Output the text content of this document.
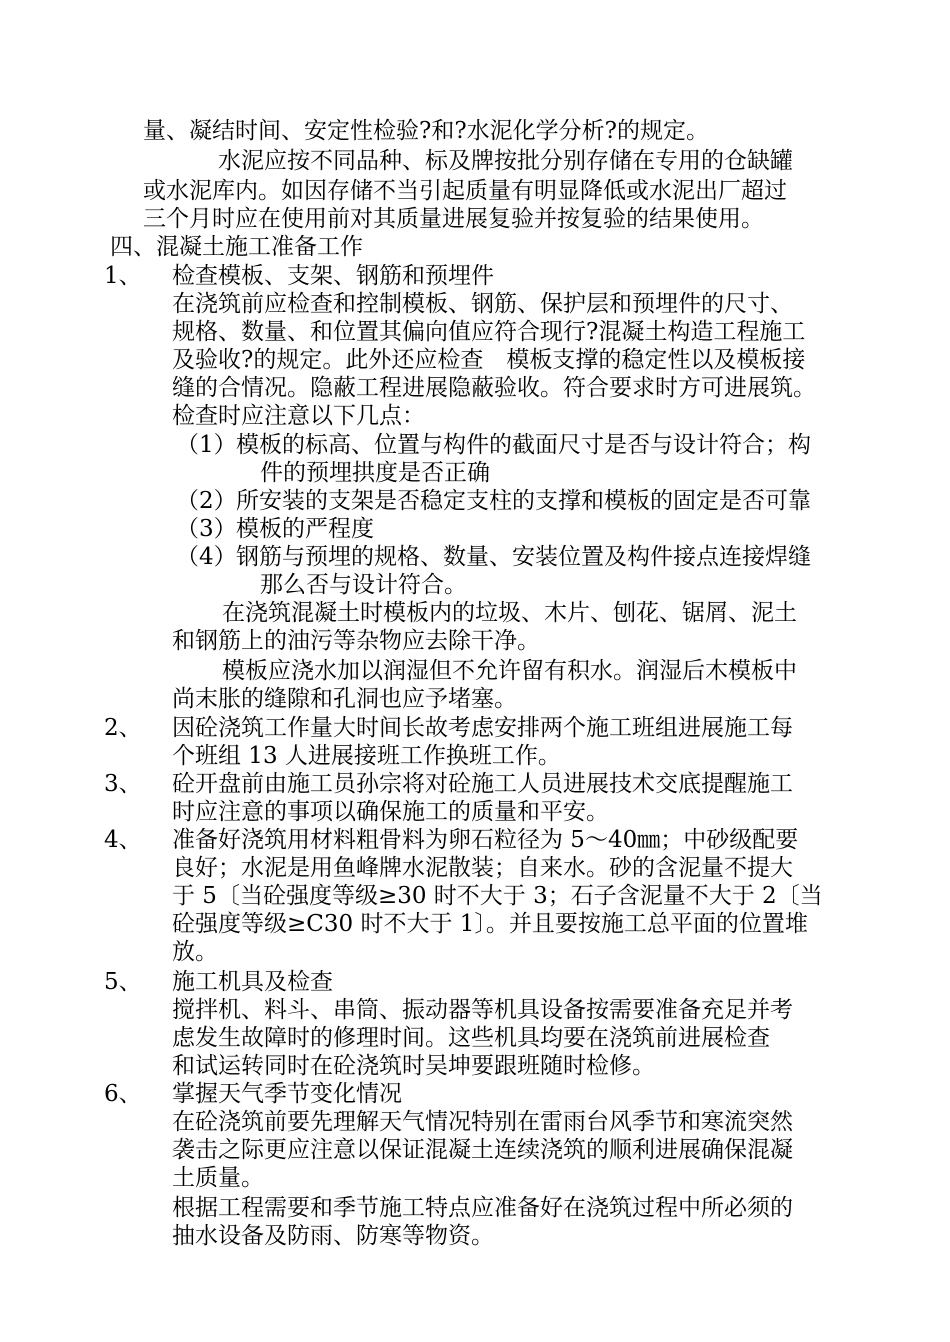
量、凝结时间、安定性检验?和?水泥化学分析?的规定。
水泥应按不同品种、标及牌按批分别存储在专用的仓缺罐
或水泥库内。如因存储不当引起质量有明显降低或水泥出厂超过
三个月时应在使用前对其质量进展复验并按复验的结果使用。
四、混凝土施工准备工作
1、 检查模板、支架、钢筋和预埋件
在浇筑前应检查和控制模板、钢筋、保护层和预埋件的尺寸、
规格、数量、和位置其偏向值应符合现行?混凝土构造工程施工
及验收?的规定。此外还应检查　模板支撑的稳定性以及模板接
缝的合情况。隐蔽工程进展隐蔽验收。符合要求时方可进展筑。
检查时应注意以下几点：
（1） 模板的标高、位置与构件的截面尺寸是否与设计符合；构
件的预埋拱度是否正确
（2） 所安装的支架是否稳定支柱的支撑和模板的固定是否可靠
（3） 模板的严程度
（4） 钢筋与预埋的规格、数量、安装位置及构件接点连接焊缝
那么否与设计符合。
在浇筑混凝土时模板内的垃圾、木片、刨花、锯屑、泥土
和钢筋上的油污等杂物应去除干净。
模板应浇水加以润湿但不允许留有积水。润湿后木模板中
尚末胀的缝隙和孔洞也应予堵塞。
2、 因砼浇筑工作量大时间长故考虑安排两个施工班组进展施工每
个班组 13 人进展接班工作换班工作。
3、 砼开盘前由施工员孙宗将对砼施工人员进展技术交底提醒施工
时应注意的事项以确保施工的质量和平安。
4、 准备好浇筑用材料粗骨料为卵石粒径为 5～40㎜；中砂级配要
良好；水泥是用鱼峰牌水泥散装；自来水。砂的含泥量不提大
于 5〔当砼强度等级≥30 时不大于 3；石子含泥量不大于 2〔当
砼强度等级≥C30 时不大于 1〕。并且要按施工总平面的位置堆
放。
5、 施工机具及检查
搅拌机、料斗、串筒、振动器等机具设备按需要准备充足并考
虑发生故障时的修理时间。这些机具均要在浇筑前进展检查
和试运转同时在砼浇筑时吴坤要跟班随时检修。
6、 掌握天气季节变化情况
在砼浇筑前要先理解天气情况特别在雷雨台风季节和寒流突然
袭击之际更应注意以保证混凝土连续浇筑的顺利进展确保混凝
土质量。
根据工程需要和季节施工特点应准备好在浇筑过程中所必须的
抽水设备及防雨、防寒等物资。
